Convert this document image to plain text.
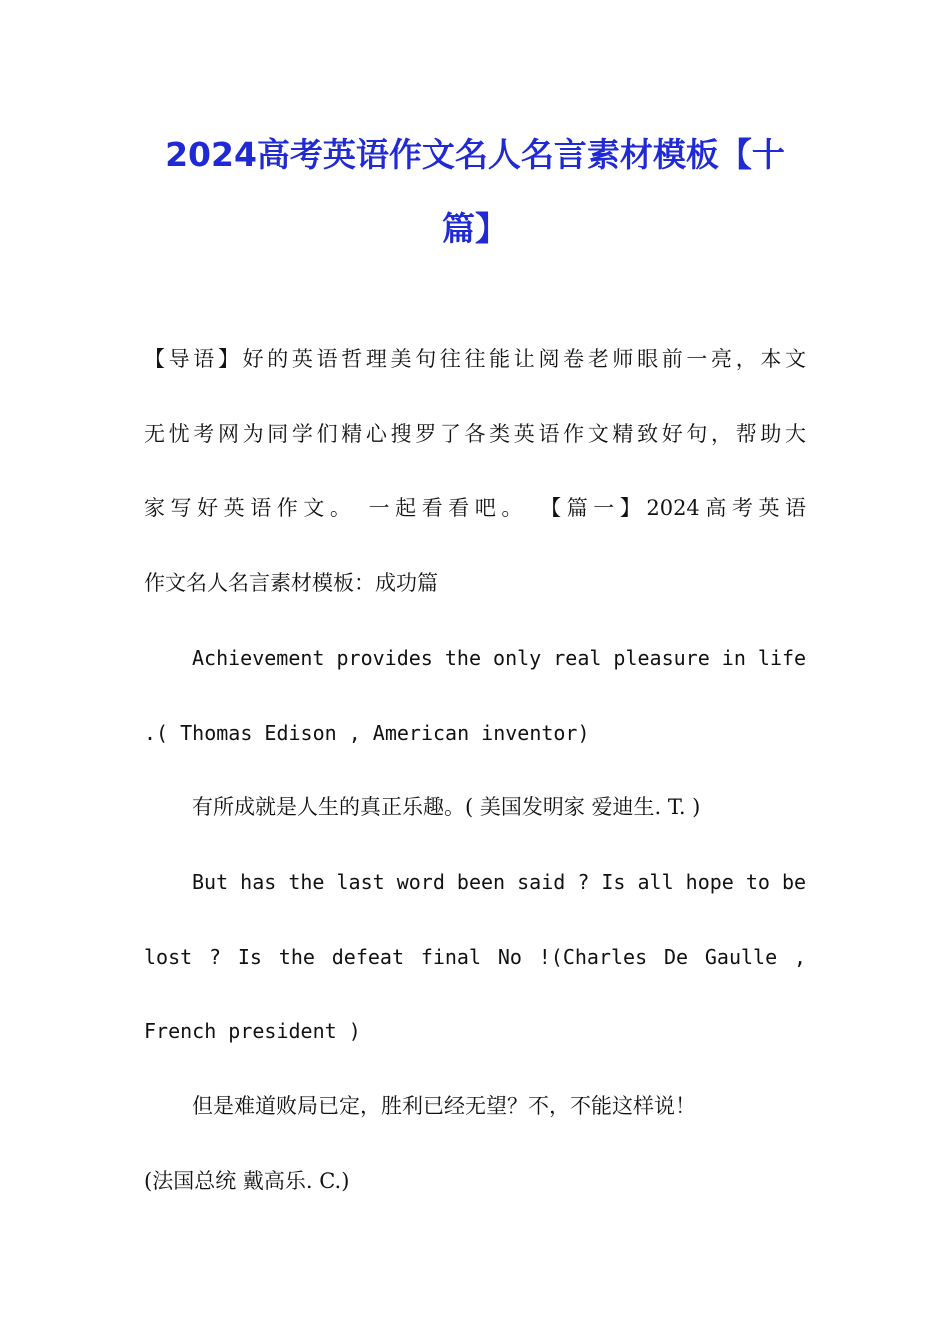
2024高考英语作文名人名言素材模板【十
篇】
【导语】好的英语哲理美句往往能让阅卷老师眼前一亮，本文
无忧考网为同学们精心搜罗了各类英语作文精致好句，帮助大
家写好英语作文。 一起看看吧。 【篇一】2024高考英语
作文名人名言素材模板：成功篇
Achievement provides the only real pleasure in life
.( Thomas Edison , American inventor)
有所成就是人生的真正乐趣。( 美国发明家 爱迪生. T. )
But has the last word been said ? Is all hope to be
lost ? Is the defeat final No !(Charles De Gaulle ,
French president )
但是难道败局已定，胜利已经无望？不，不能这样说！
(法国总统 戴高乐. C.)
